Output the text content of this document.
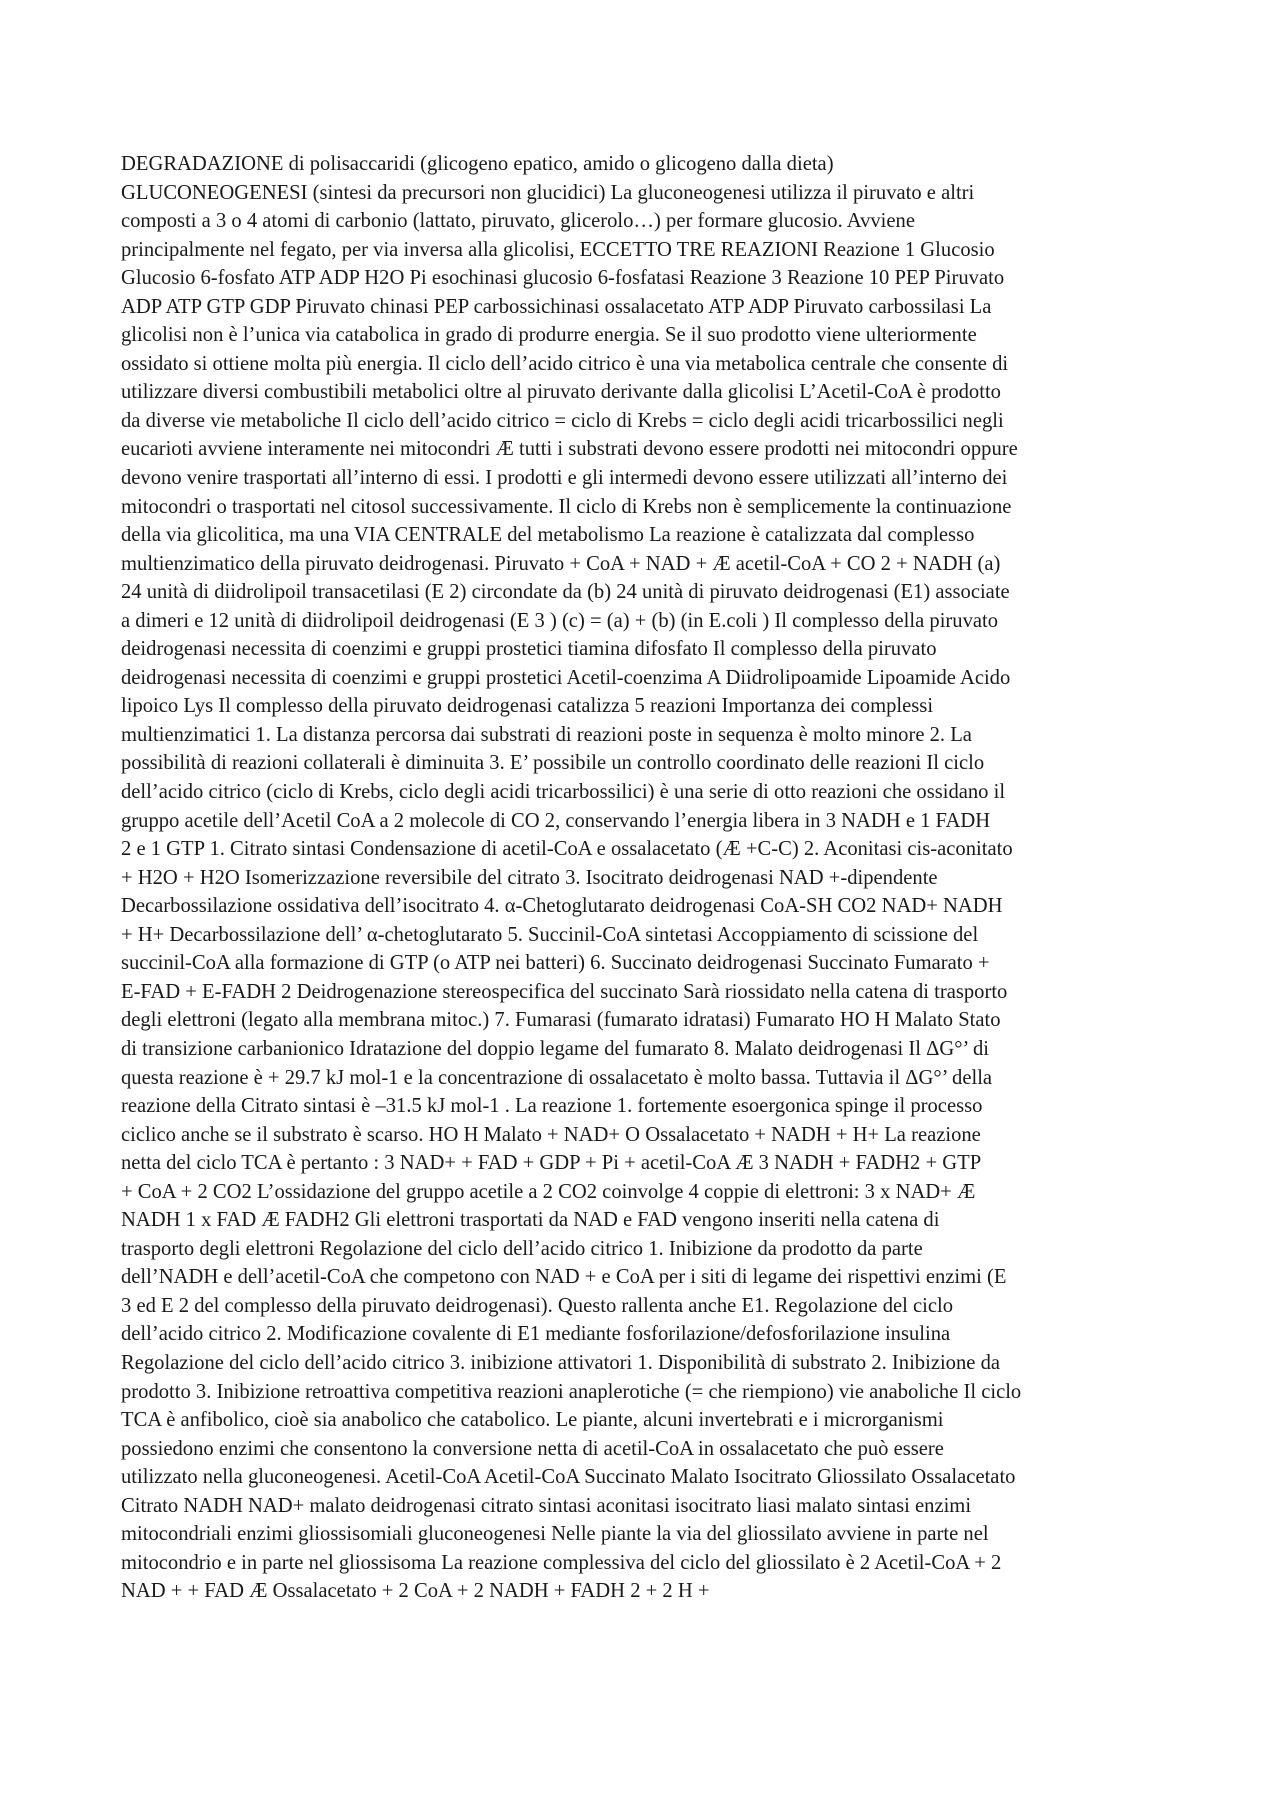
DEGRADAZIONE di polisaccaridi (glicogeno epatico, amido o glicogeno dalla dieta)
GLUCONEOGENESI (sintesi da precursori non glucidici) La gluconeogenesi utilizza il piruvato e altri
composti a 3 o 4 atomi di carbonio (lattato, piruvato, glicerolo…) per formare glucosio. Avviene
principalmente nel fegato, per via inversa alla glicolisi, ECCETTO TRE REAZIONI Reazione 1 Glucosio
Glucosio 6-fosfato ATP ADP H2O Pi esochinasi glucosio 6-fosfatasi Reazione 3 Reazione 10 PEP Piruvato
ADP ATP GTP GDP Piruvato chinasi PEP carbossichinasi ossalacetato ATP ADP Piruvato carbossilasi La
glicolisi non è l’unica via catabolica in grado di produrre energia. Se il suo prodotto viene ulteriormente
ossidato si ottiene molta più energia. Il ciclo dell’acido citrico è una via metabolica centrale che consente di
utilizzare diversi combustibili metabolici oltre al piruvato derivante dalla glicolisi L’Acetil-CoA è prodotto
da diverse vie metaboliche Il ciclo dell’acido citrico = ciclo di Krebs = ciclo degli acidi tricarbossilici negli
eucarioti avviene interamente nei mitocondri Æ tutti i substrati devono essere prodotti nei mitocondri oppure
devono venire trasportati all’interno di essi. I prodotti e gli intermedi devono essere utilizzati all’interno dei
mitocondri o trasportati nel citosol successivamente. Il ciclo di Krebs non è semplicemente la continuazione
della via glicolitica, ma una VIA CENTRALE del metabolismo La reazione è catalizzata dal complesso
multienzimatico della piruvato deidrogenasi. Piruvato + CoA + NAD + Æ acetil-CoA + CO 2 + NADH (a)
24 unità di diidrolipoil transacetilasi (E 2) circondate da (b) 24 unità di piruvato deidrogenasi (E1) associate
a dimeri e 12 unità di diidrolipoil deidrogenasi (E 3 ) (c) = (a) + (b) (in E.coli ) Il complesso della piruvato
deidrogenasi necessita di coenzimi e gruppi prostetici tiamina difosfato Il complesso della piruvato
deidrogenasi necessita di coenzimi e gruppi prostetici Acetil-coenzima A Diidrolipoamide Lipoamide Acido
lipoico Lys Il complesso della piruvato deidrogenasi catalizza 5 reazioni Importanza dei complessi
multienzimatici 1. La distanza percorsa dai substrati di reazioni poste in sequenza è molto minore 2. La
possibilità di reazioni collaterali è diminuita 3. E’ possibile un controllo coordinato delle reazioni Il ciclo
dell’acido citrico (ciclo di Krebs, ciclo degli acidi tricarbossilici) è una serie di otto reazioni che ossidano il
gruppo acetile dell’Acetil CoA a 2 molecole di CO 2, conservando l’energia libera in 3 NADH e 1 FADH
2 e 1 GTP 1. Citrato sintasi Condensazione di acetil-CoA e ossalacetato (Æ +C-C) 2. Aconitasi cis-aconitato
+ H2O + H2O Isomerizzazione reversibile del citrato 3. Isocitrato deidrogenasi NAD +-dipendente
Decarbossilazione ossidativa dell’isocitrato 4. α-Chetoglutarato deidrogenasi CoA-SH CO2 NAD+ NADH
+ H+ Decarbossilazione dell’ α-chetoglutarato 5. Succinil-CoA sintetasi Accoppiamento di scissione del
succinil-CoA alla formazione di GTP (o ATP nei batteri) 6. Succinato deidrogenasi Succinato Fumarato +
E-FAD + E-FADH 2 Deidrogenazione stereospecifica del succinato Sarà riossidato nella catena di trasporto
degli elettroni (legato alla membrana mitoc.) 7. Fumarasi (fumarato idratasi) Fumarato HO H Malato Stato
di transizione carbanionico Idratazione del doppio legame del fumarato 8. Malato deidrogenasi Il ΔG°’ di
questa reazione è + 29.7 kJ mol-1 e la concentrazione di ossalacetato è molto bassa. Tuttavia il ΔG°’ della
reazione della Citrato sintasi è –31.5 kJ mol-1 . La reazione 1. fortemente esoergonica spinge il processo
ciclico anche se il substrato è scarso. HO H Malato + NAD+ O Ossalacetato + NADH + H+ La reazione
netta del ciclo TCA è pertanto : 3 NAD+ + FAD + GDP + Pi + acetil-CoA Æ 3 NADH + FADH2 + GTP
+ CoA + 2 CO2 L’ossidazione del gruppo acetile a 2 CO2 coinvolge 4 coppie di elettroni: 3 x NAD+ Æ
NADH 1 x FAD Æ FADH2 Gli elettroni trasportati da NAD e FAD vengono inseriti nella catena di
trasporto degli elettroni Regolazione del ciclo dell’acido citrico 1. Inibizione da prodotto da parte
dell’NADH e dell’acetil-CoA che competono con NAD + e CoA per i siti di legame dei rispettivi enzimi (E
3 ed E 2 del complesso della piruvato deidrogenasi). Questo rallenta anche E1. Regolazione del ciclo
dell’acido citrico 2. Modificazione covalente di E1 mediante fosforilazione/defosforilazione insulina
Regolazione del ciclo dell’acido citrico 3. inibizione attivatori 1. Disponibilità di substrato 2. Inibizione da
prodotto 3. Inibizione retroattiva competitiva reazioni anaplerotiche (= che riempiono) vie anaboliche Il ciclo
TCA è anfibolico, cioè sia anabolico che catabolico. Le piante, alcuni invertebrati e i microrganismi
possiedono enzimi che consentono la conversione netta di acetil-CoA in ossalacetato che può essere
utilizzato nella gluconeogenesi. Acetil-CoA Acetil-CoA Succinato Malato Isocitrato Gliossilato Ossalacetato
Citrato NADH NAD+ malato deidrogenasi citrato sintasi aconitasi isocitrato liasi malato sintasi enzimi
mitocondriali enzimi gliossisomiali gluconeogenesi Nelle piante la via del gliossilato avviene in parte nel
mitocondrio e in parte nel gliossisoma La reazione complessiva del ciclo del gliossilato è 2 Acetil-CoA + 2
NAD + + FAD Æ Ossalacetato + 2 CoA + 2 NADH + FADH 2 + 2 H +
